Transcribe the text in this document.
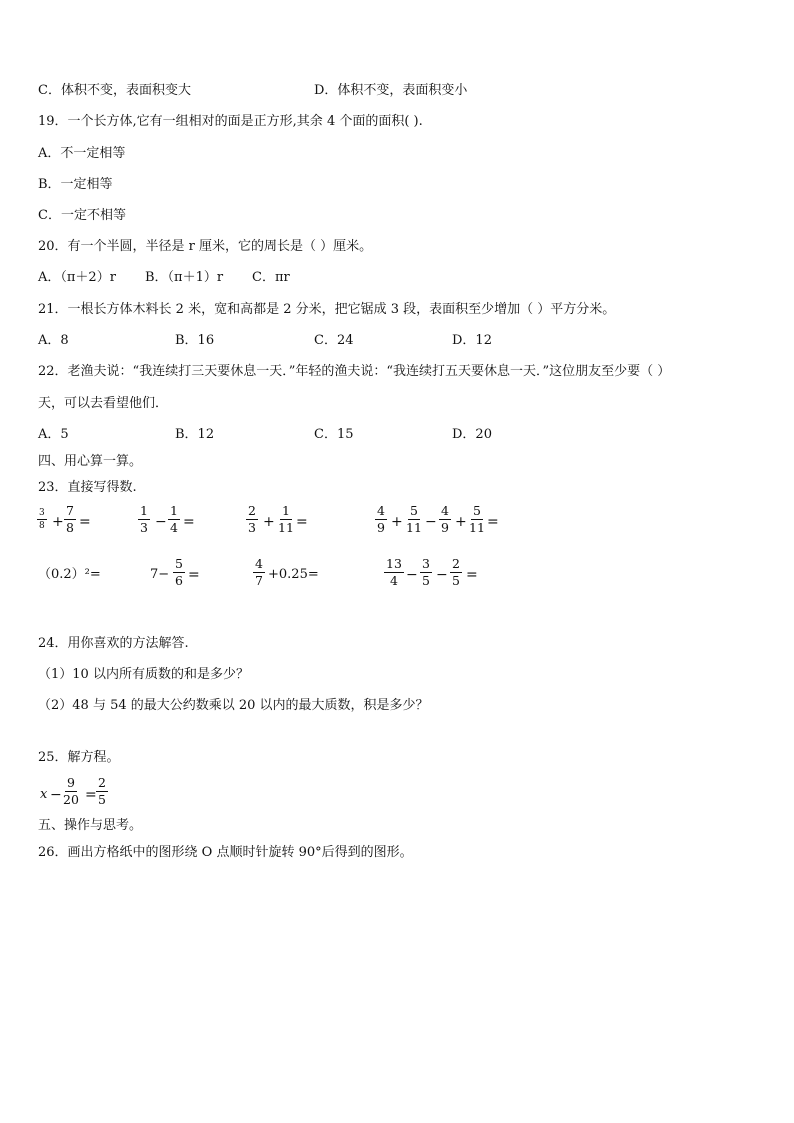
C．体积不变，表面积变大	D．体积不变，表面积变小
19．一个长方体,它有一组相对的面是正方形,其余 4 个面的面积( ).
A．不一定相等
B．一定相等
C．一定不相等
20．有一个半圆，半径是 r 厘米，它的周长是（ ）厘米。
A．（π＋2）r B．（π＋1）r C．πr
21．一根长方体木料长 2 米，宽和高都是 2 分米，把它锯成 3 段，表面积至少增加（ ）平方分米。
A．8	B．16	C．24	D．12
22．老渔夫说：“我连续打三天要休息一天．”年轻的渔夫说：“我连续打五天要休息一天．”这位朋友至少要（ ）
天，可以去看望他们．
A．5	B．12	C．15	D．20
四、用心算一算。
23．直接写得数.
$\frac{3}{8} + \frac{7}{8}$ =	$\frac{1}{3} - \frac{1}{4}$ =	$\frac{2}{3} + \frac{1}{11}$ =	$\frac{4}{9} + \frac{5}{11} - \frac{4}{9} + \frac{5}{11}$ =
（0.2）²=	$7- \frac{5}{6}$ =	$\frac{4}{7} +0.25=$	$\frac{13}{4} - \frac{3}{5} - \frac{2}{5}$ =
24．用你喜欢的方法解答.
（1）10 以内所有质数的和是多少？
（2）48 与 54 的最大公约数乘以 20 以内的最大质数，积是多少？
25．解方程。
$x - \frac{9}{20} = \frac{2}{5}$
五、操作与思考。
26．画出方格纸中的图形绕 O 点顺时针旋转 90°后得到的图形。
